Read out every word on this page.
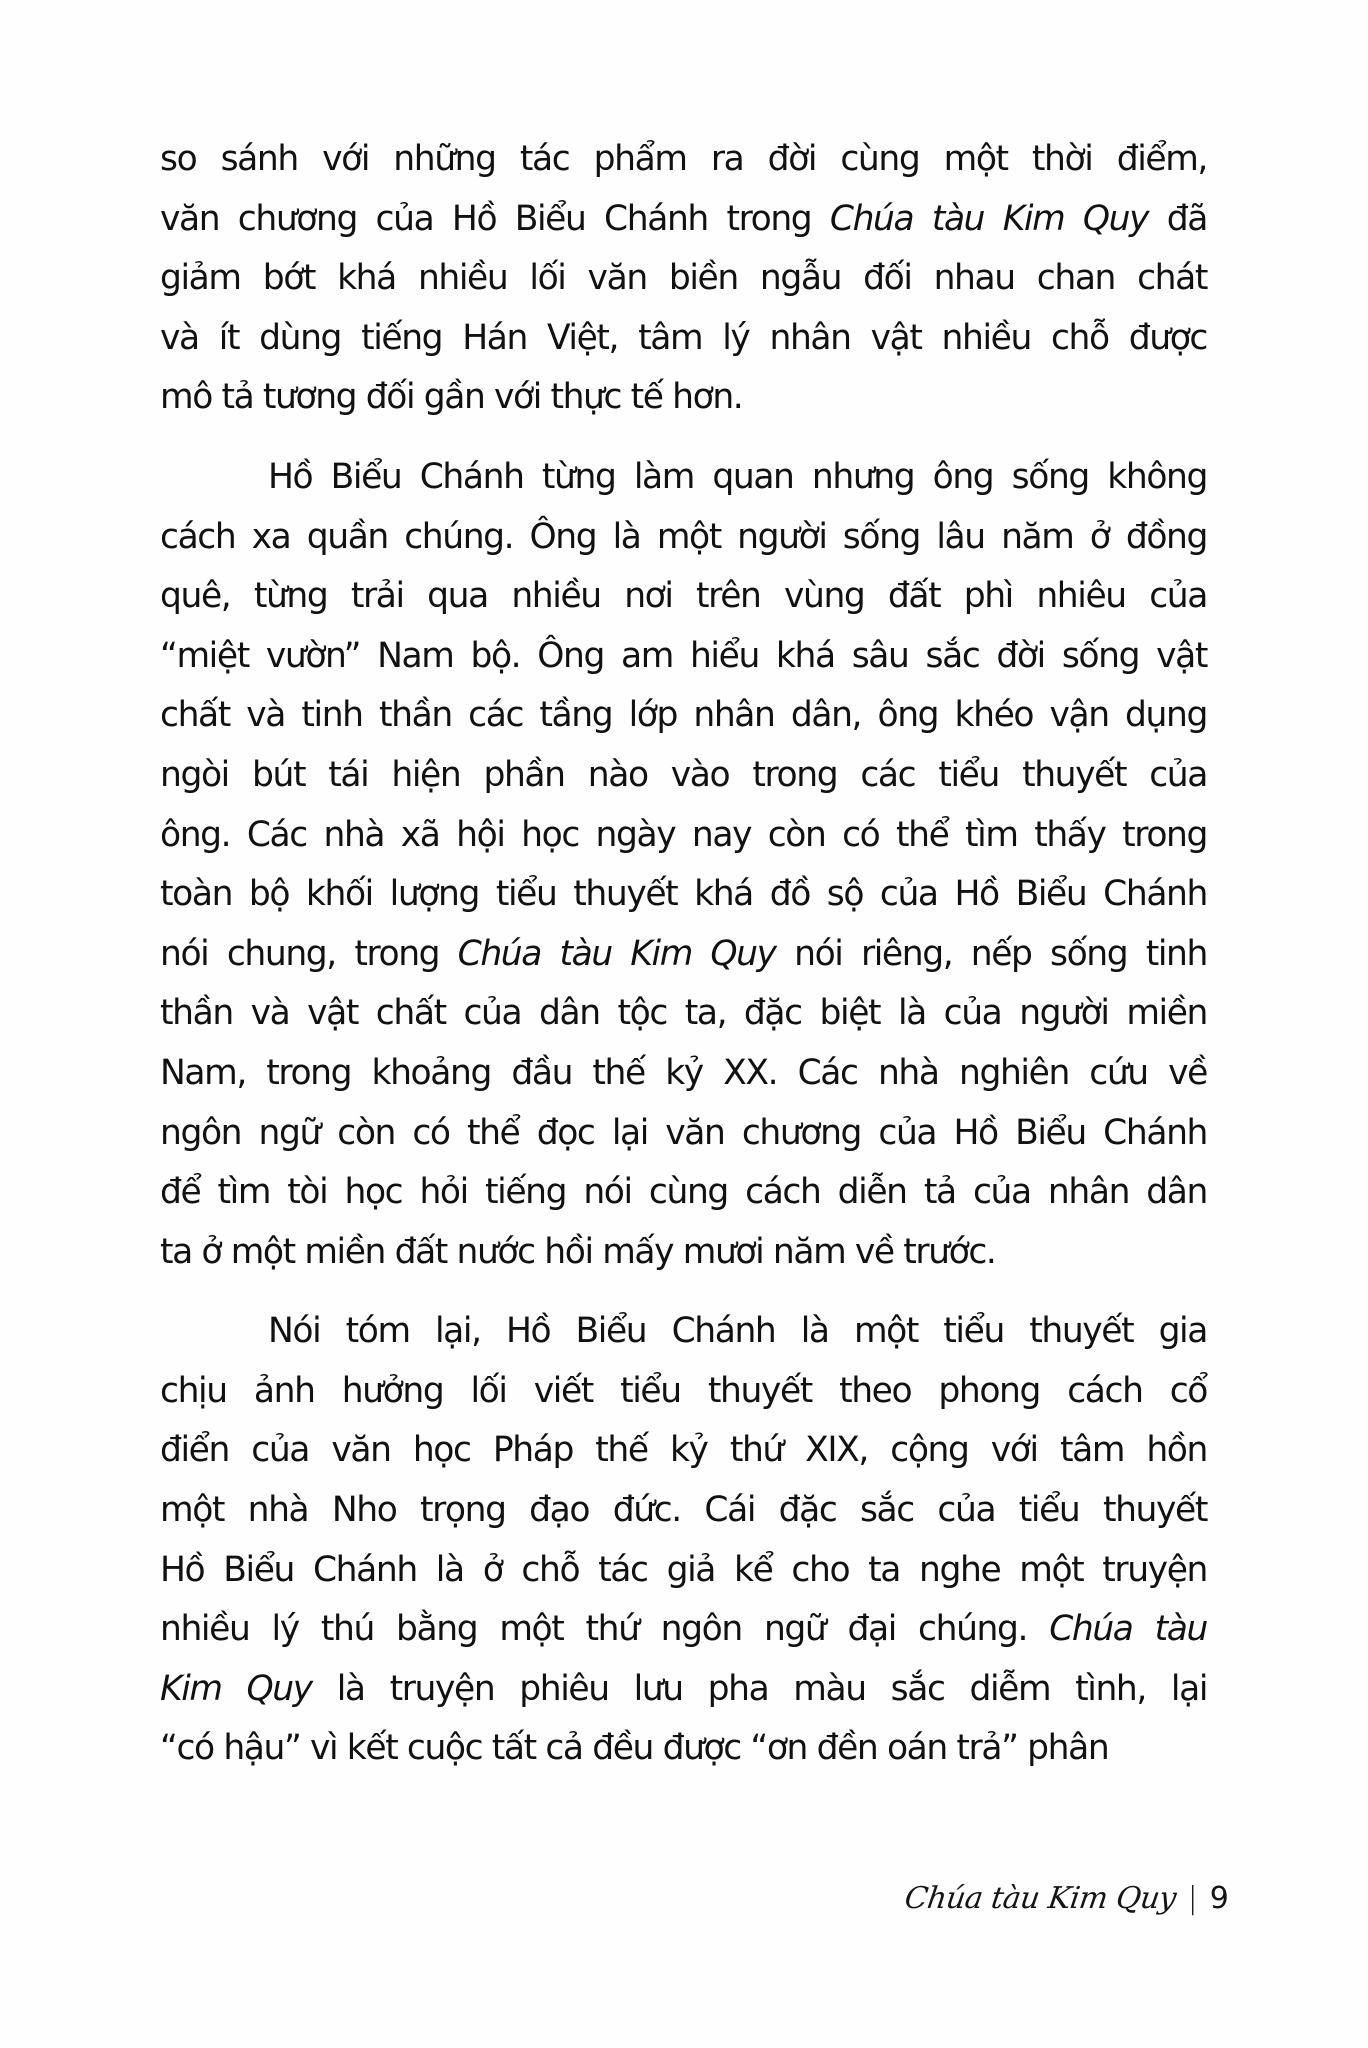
so sánh với những tác phẩm ra đời cùng một thời điểm,
văn chương của Hồ Biểu Chánh trong Chúa tàu Kim Quy đã
giảm bớt khá nhiều lối văn biền ngẫu đối nhau chan chát
và ít dùng tiếng Hán Việt, tâm lý nhân vật nhiều chỗ được
mô tả tương đối gần với thực tế hơn.
Hồ Biểu Chánh từng làm quan nhưng ông sống không
cách xa quần chúng. Ông là một người sống lâu năm ở đồng
quê, từng trải qua nhiều nơi trên vùng đất phì nhiêu của
“miệt vườn” Nam bộ. Ông am hiểu khá sâu sắc đời sống vật
chất và tinh thần các tầng lớp nhân dân, ông khéo vận dụng
ngòi bút tái hiện phần nào vào trong các tiểu thuyết của
ông. Các nhà xã hội học ngày nay còn có thể tìm thấy trong
toàn bộ khối lượng tiểu thuyết khá đồ sộ của Hồ Biểu Chánh
nói chung, trong Chúa tàu Kim Quy nói riêng, nếp sống tinh
thần và vật chất của dân tộc ta, đặc biệt là của người miền
Nam, trong khoảng đầu thế kỷ XX. Các nhà nghiên cứu về
ngôn ngữ còn có thể đọc lại văn chương của Hồ Biểu Chánh
để tìm tòi học hỏi tiếng nói cùng cách diễn tả của nhân dân
ta ở một miền đất nước hồi mấy mươi năm về trước.
Nói tóm lại, Hồ Biểu Chánh là một tiểu thuyết gia
chịu ảnh hưởng lối viết tiểu thuyết theo phong cách cổ
điển của văn học Pháp thế kỷ thứ XIX, cộng với tâm hồn
một nhà Nho trọng đạo đức. Cái đặc sắc của tiểu thuyết
Hồ Biểu Chánh là ở chỗ tác giả kể cho ta nghe một truyện
nhiều lý thú bằng một thứ ngôn ngữ đại chúng. Chúa tàu
Kim Quy là truyện phiêu lưu pha màu sắc diễm tình, lại
“có hậu” vì kết cuộc tất cả đều được “ơn đền oán trả” phân
Chúa tàu Kim Quy | 9
